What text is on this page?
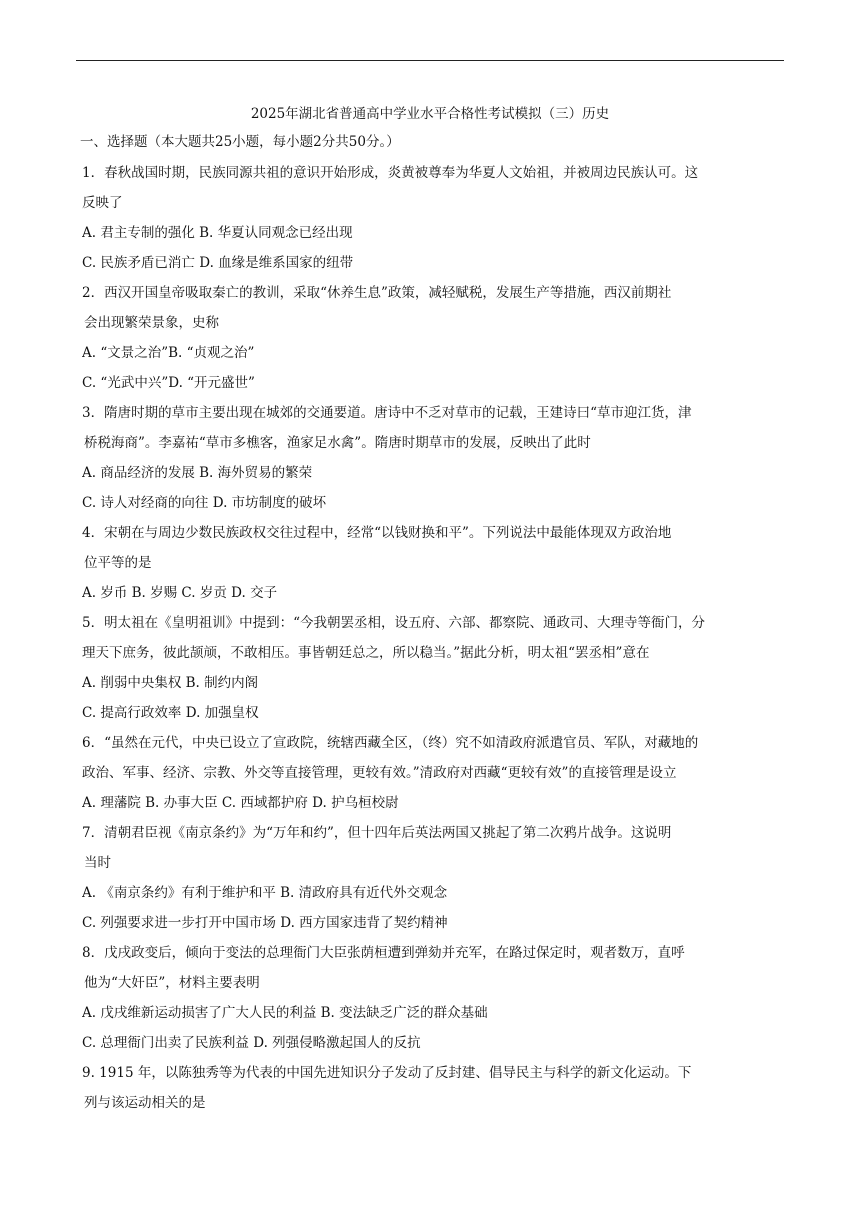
2025年湖北省普通高中学业水平合格性考试模拟（三）历史
一、选择题（本大题共25小题，每小题2分共50分。）
1．春秋战国时期，民族同源共祖的意识开始形成，炎黄被尊奉为华夏人文始祖，并被周边民族认可。这
反映了
A. 君主专制的强化 B. 华夏认同观念已经出现
C. 民族矛盾已消亡 D. 血缘是维系国家的纽带
2．西汉开国皇帝吸取秦亡的教训，采取“休养生息”政策，减轻赋税，发展生产等措施，西汉前期社
会出现繁荣景象，史称
A. “文景之治”B. “贞观之治”
C. “光武中兴”D. “开元盛世”
3．隋唐时期的草市主要出现在城郊的交通要道。唐诗中不乏对草市的记载，王建诗曰“草市迎江货，津
桥税海商”。李嘉祐“草市多樵客，渔家足水禽”。隋唐时期草市的发展，反映出了此时
A. 商品经济的发展 B. 海外贸易的繁荣
C. 诗人对经商的向往 D. 市坊制度的破坏
4．宋朝在与周边少数民族政权交往过程中，经常“以钱财换和平”。下列说法中最能体现双方政治地
位平等的是
A. 岁币 B. 岁赐 C. 岁贡 D. 交子
5．明太祖在《皇明祖训》中提到：“今我朝罢丞相，设五府、六部、都察院、通政司、大理寺等衙门，分
理天下庶务，彼此颉颃，不敢相压。事皆朝廷总之，所以稳当。”据此分析，明太祖“罢丞相”意在
A. 削弱中央集权 B. 制约内阁
C. 提高行政效率 D. 加强皇权
6．“虽然在元代，中央已设立了宣政院，统辖西藏全区，（终）究不如清政府派遣官员、军队，对藏地的
政治、军事、经济、宗教、外交等直接管理，更较有效。”清政府对西藏“更较有效”的直接管理是设立
A. 理藩院 B. 办事大臣 C. 西域都护府 D. 护乌桓校尉
7．清朝君臣视《南京条约》为“万年和约”，但十四年后英法两国又挑起了第二次鸦片战争。这说明
当时
A. 《南京条约》有利于维护和平 B. 清政府具有近代外交观念
C. 列强要求进一步打开中国市场 D. 西方国家违背了契约精神
8．戊戌政变后，倾向于变法的总理衙门大臣张荫桓遭到弹劾并充军，在路过保定时，观者数万，直呼
他为“大奸臣”，材料主要表明
A. 戊戌维新运动损害了广大人民的利益 B. 变法缺乏广泛的群众基础
C. 总理衙门出卖了民族利益 D. 列强侵略激起国人的反抗
9. 1915 年，以陈独秀等为代表的中国先进知识分子发动了反封建、倡导民主与科学的新文化运动。下
列与该运动相关的是
